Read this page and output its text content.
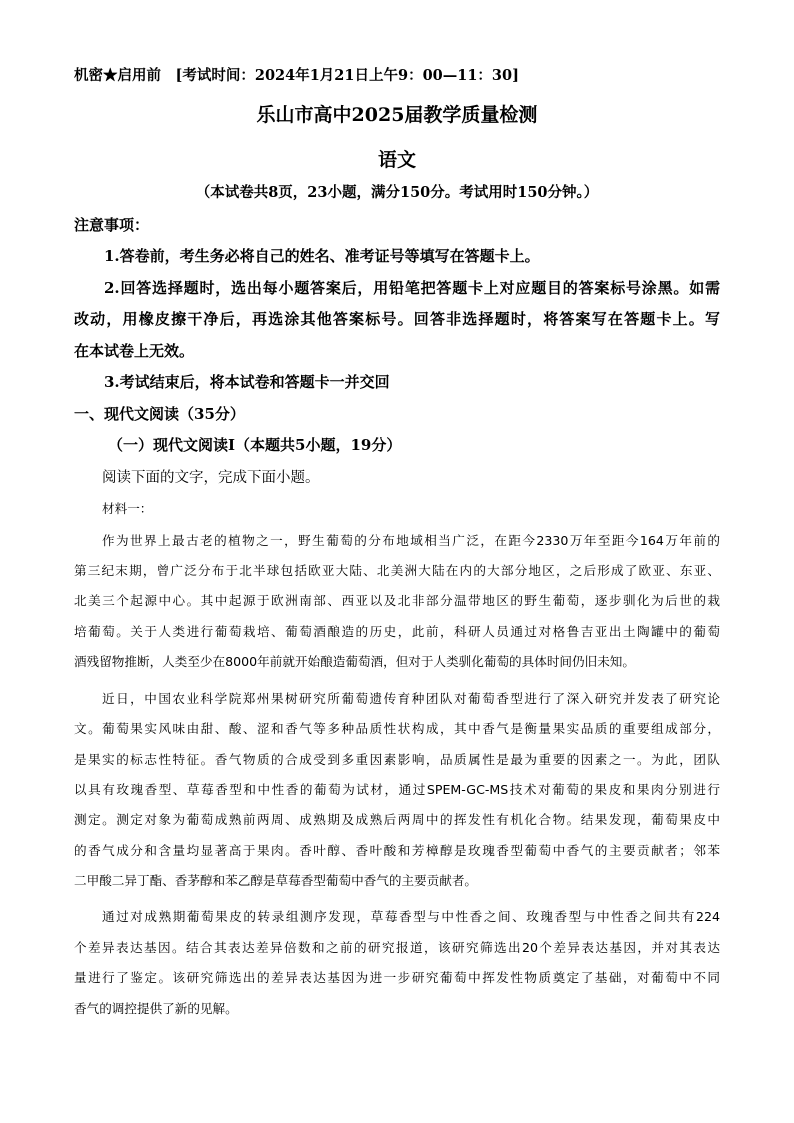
机密★启用前　[考试时间：2024年1月21日上午9：00—11：30]
乐山市高中2025届教学质量检测
语文
（本试卷共8页，23小题，满分150分。考试用时150分钟。）
注意事项：
1.答卷前，考生务必将自己的姓名、准考证号等填写在答题卡上。
2.回答选择题时，选出每小题答案后，用铅笔把答题卡上对应题目的答案标号涂黑。如需
改动，用橡皮擦干净后，再选涂其他答案标号。回答非选择题时，将答案写在答题卡上。写
在本试卷上无效。
3.考试结束后，将本试卷和答题卡一并交回
一、现代文阅读（35分）
（一）现代文阅读Ⅰ（本题共5小题，19分）
阅读下面的文字，完成下面小题。
材料一：
作为世界上最古老的植物之一，野生葡萄的分布地域相当广泛，在距今2330万年至距今164万年前的
第三纪末期，曾广泛分布于北半球包括欧亚大陆、北美洲大陆在内的大部分地区，之后形成了欧亚、东亚、
北美三个起源中心。其中起源于欧洲南部、西亚以及北非部分温带地区的野生葡萄，逐步驯化为后世的栽
培葡萄。关于人类进行葡萄栽培、葡萄酒酿造的历史，此前，科研人员通过对格鲁吉亚出土陶罐中的葡萄
酒残留物推断，人类至少在8000年前就开始酿造葡萄酒，但对于人类驯化葡萄的具体时间仍旧未知。
近日，中国农业科学院郑州果树研究所葡萄遗传育种团队对葡萄香型进行了深入研究并发表了研究论
文。葡萄果实风味由甜、酸、涩和香气等多种品质性状构成，其中香气是衡量果实品质的重要组成部分，
是果实的标志性特征。香气物质的合成受到多重因素影响，品质属性是最为重要的因素之一。为此，团队
以具有玫瑰香型、草莓香型和中性香的葡萄为试材，通过SPEM-GC-MS技术对葡萄的果皮和果肉分别进行
测定。测定对象为葡萄成熟前两周、成熟期及成熟后两周中的挥发性有机化合物。结果发现，葡萄果皮中
的香气成分和含量均显著高于果肉。香叶醇、香叶酸和芳樟醇是玫瑰香型葡萄中香气的主要贡献者；邻苯
二甲酸二异丁酯、香茅醇和苯乙醇是草莓香型葡萄中香气的主要贡献者。
通过对成熟期葡萄果皮的转录组测序发现，草莓香型与中性香之间、玫瑰香型与中性香之间共有224
个差异表达基因。结合其表达差异倍数和之前的研究报道，该研究筛选出20个差异表达基因，并对其表达
量进行了鉴定。该研究筛选出的差异表达基因为进一步研究葡萄中挥发性物质奠定了基础，对葡萄中不同
香气的调控提供了新的见解。
